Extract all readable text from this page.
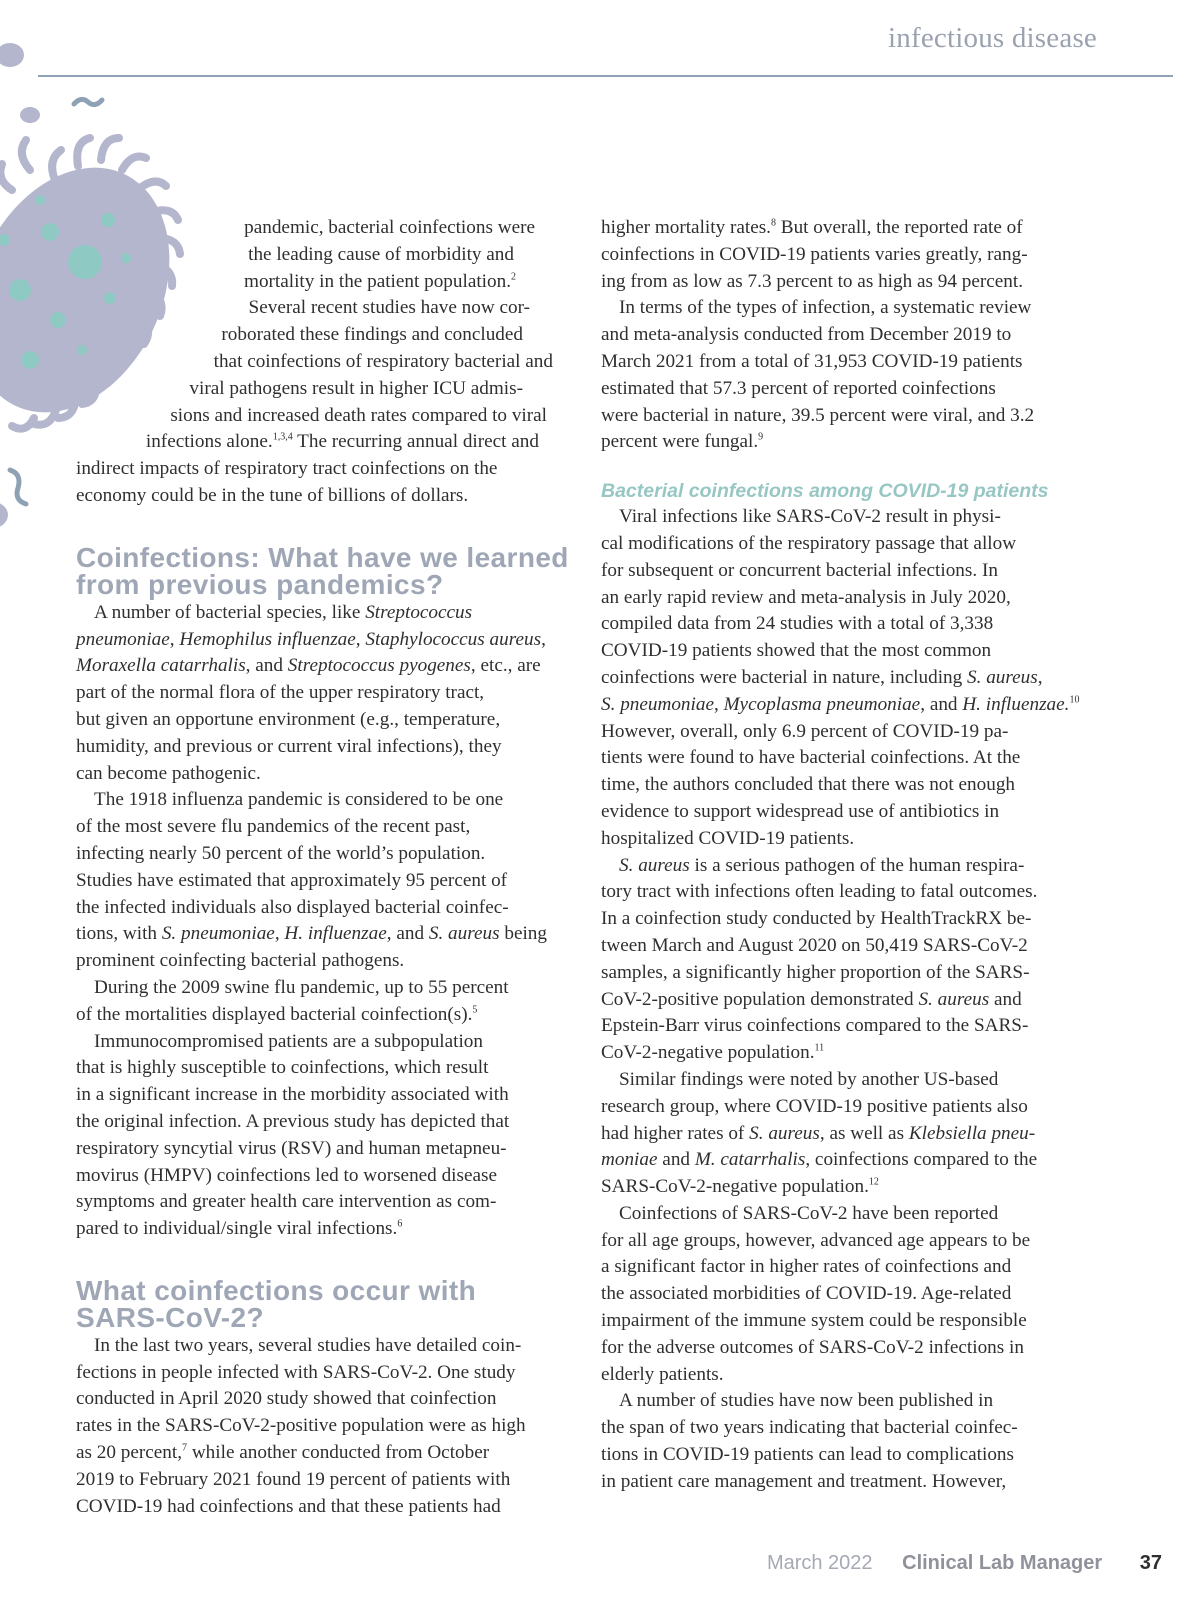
infectious disease

pandemic, bacterial coinfections were

the leading cause of morbidity and

mortality in the patient population.$^2$

Several recent studies have now cor-

roborated these findings and concluded

that coinfections of respiratory bacterial and

viral pathogens result in higher ICU admis-

sions and increased death rates compared to viral

infections alone.$^{1,3,4}$ The recurring annual direct and

indirect impacts of respiratory tract coinfections on the

economy could be in the tune of billions of dollars.

Coinfections: What have we learned
from previous pandemics?

A number of bacterial species, like Streptococcus

pneumoniae, Hemophilus influenzae, Staphylococcus aureus,

Moraxella catarrhalis, and Streptococcus pyogenes, etc., are

part of the normal flora of the upper respiratory tract,

but given an opportune environment (e.g., temperature,

humidity, and previous or current viral infections), they

can become pathogenic.

The 1918 influenza pandemic is considered to be one

of the most severe flu pandemics of the recent past,

infecting nearly 50 percent of the world’s population.

Studies have estimated that approximately 95 percent of

the infected individuals also displayed bacterial coinfec-

tions, with S. pneumoniae, H. influenzae, and S. aureus being

prominent coinfecting bacterial pathogens.

During the 2009 swine flu pandemic, up to 55 percent

of the mortalities displayed bacterial coinfection(s).$^5$

Immunocompromised patients are a subpopulation

that is highly susceptible to coinfections, which result

in a significant increase in the morbidity associated with

the original infection. A previous study has depicted that

respiratory syncytial virus (RSV) and human metapneu-

movirus (HMPV) coinfections led to worsened disease

symptoms and greater health care intervention as com-

pared to individual/single viral infections.$^6$

What coinfections occur with
SARS-CoV-2?

In the last two years, several studies have detailed coin-

fections in people infected with SARS-CoV-2. One study

conducted in April 2020 study showed that coinfection

rates in the SARS-CoV-2-positive population were as high

as 20 percent,$^7$ while another conducted from October

2019 to February 2021 found 19 percent of patients with

COVID-19 had coinfections and that these patients had

higher mortality rates.$^8$ But overall, the reported rate of

coinfections in COVID-19 patients varies greatly, rang-

ing from as low as 7.3 percent to as high as 94 percent.

In terms of the types of infection, a systematic review

and meta-analysis conducted from December 2019 to

March 2021 from a total of 31,953 COVID-19 patients

estimated that 57.3 percent of reported coinfections

were bacterial in nature, 39.5 percent were viral, and 3.2

percent were fungal.$^9$

Bacterial coinfections among COVID-19 patients

Viral infections like SARS-CoV-2 result in physi-

cal modifications of the respiratory passage that allow

for subsequent or concurrent bacterial infections. In

an early rapid review and meta-analysis in July 2020,

compiled data from 24 studies with a total of 3,338

COVID-19 patients showed that the most common

coinfections were bacterial in nature, including S. aureus,

S. pneumoniae, Mycoplasma pneumoniae, and H. influenzae.$^{10}$

However, overall, only 6.9 percent of COVID-19 pa-

tients were found to have bacterial coinfections. At the

time, the authors concluded that there was not enough

evidence to support widespread use of antibiotics in

hospitalized COVID-19 patients.

S. aureus is a serious pathogen of the human respira-

tory tract with infections often leading to fatal outcomes.

In a coinfection study conducted by HealthTrackRX be-

tween March and August 2020 on 50,419 SARS-CoV-2

samples, a significantly higher proportion of the SARS-

CoV-2-positive population demonstrated S. aureus and

Epstein-Barr virus coinfections compared to the SARS-

CoV-2-negative population.$^{11}$

Similar findings were noted by another US-based

research group, where COVID-19 positive patients also

had higher rates of S. aureus, as well as Klebsiella pneu-

moniae and M. catarrhalis, coinfections compared to the

SARS-CoV-2-negative population.$^{12}$

Coinfections of SARS-CoV-2 have been reported

for all age groups, however, advanced age appears to be

a significant factor in higher rates of coinfections and

the associated morbidities of COVID-19. Age-related

impairment of the immune system could be responsible

for the adverse outcomes of SARS-CoV-2 infections in

elderly patients.

A number of studies have now been published in

the span of two years indicating that bacterial coinfec-

tions in COVID-19 patients can lead to complications

in patient care management and treatment. However,

March 2022 Clinical Lab Manager 37
